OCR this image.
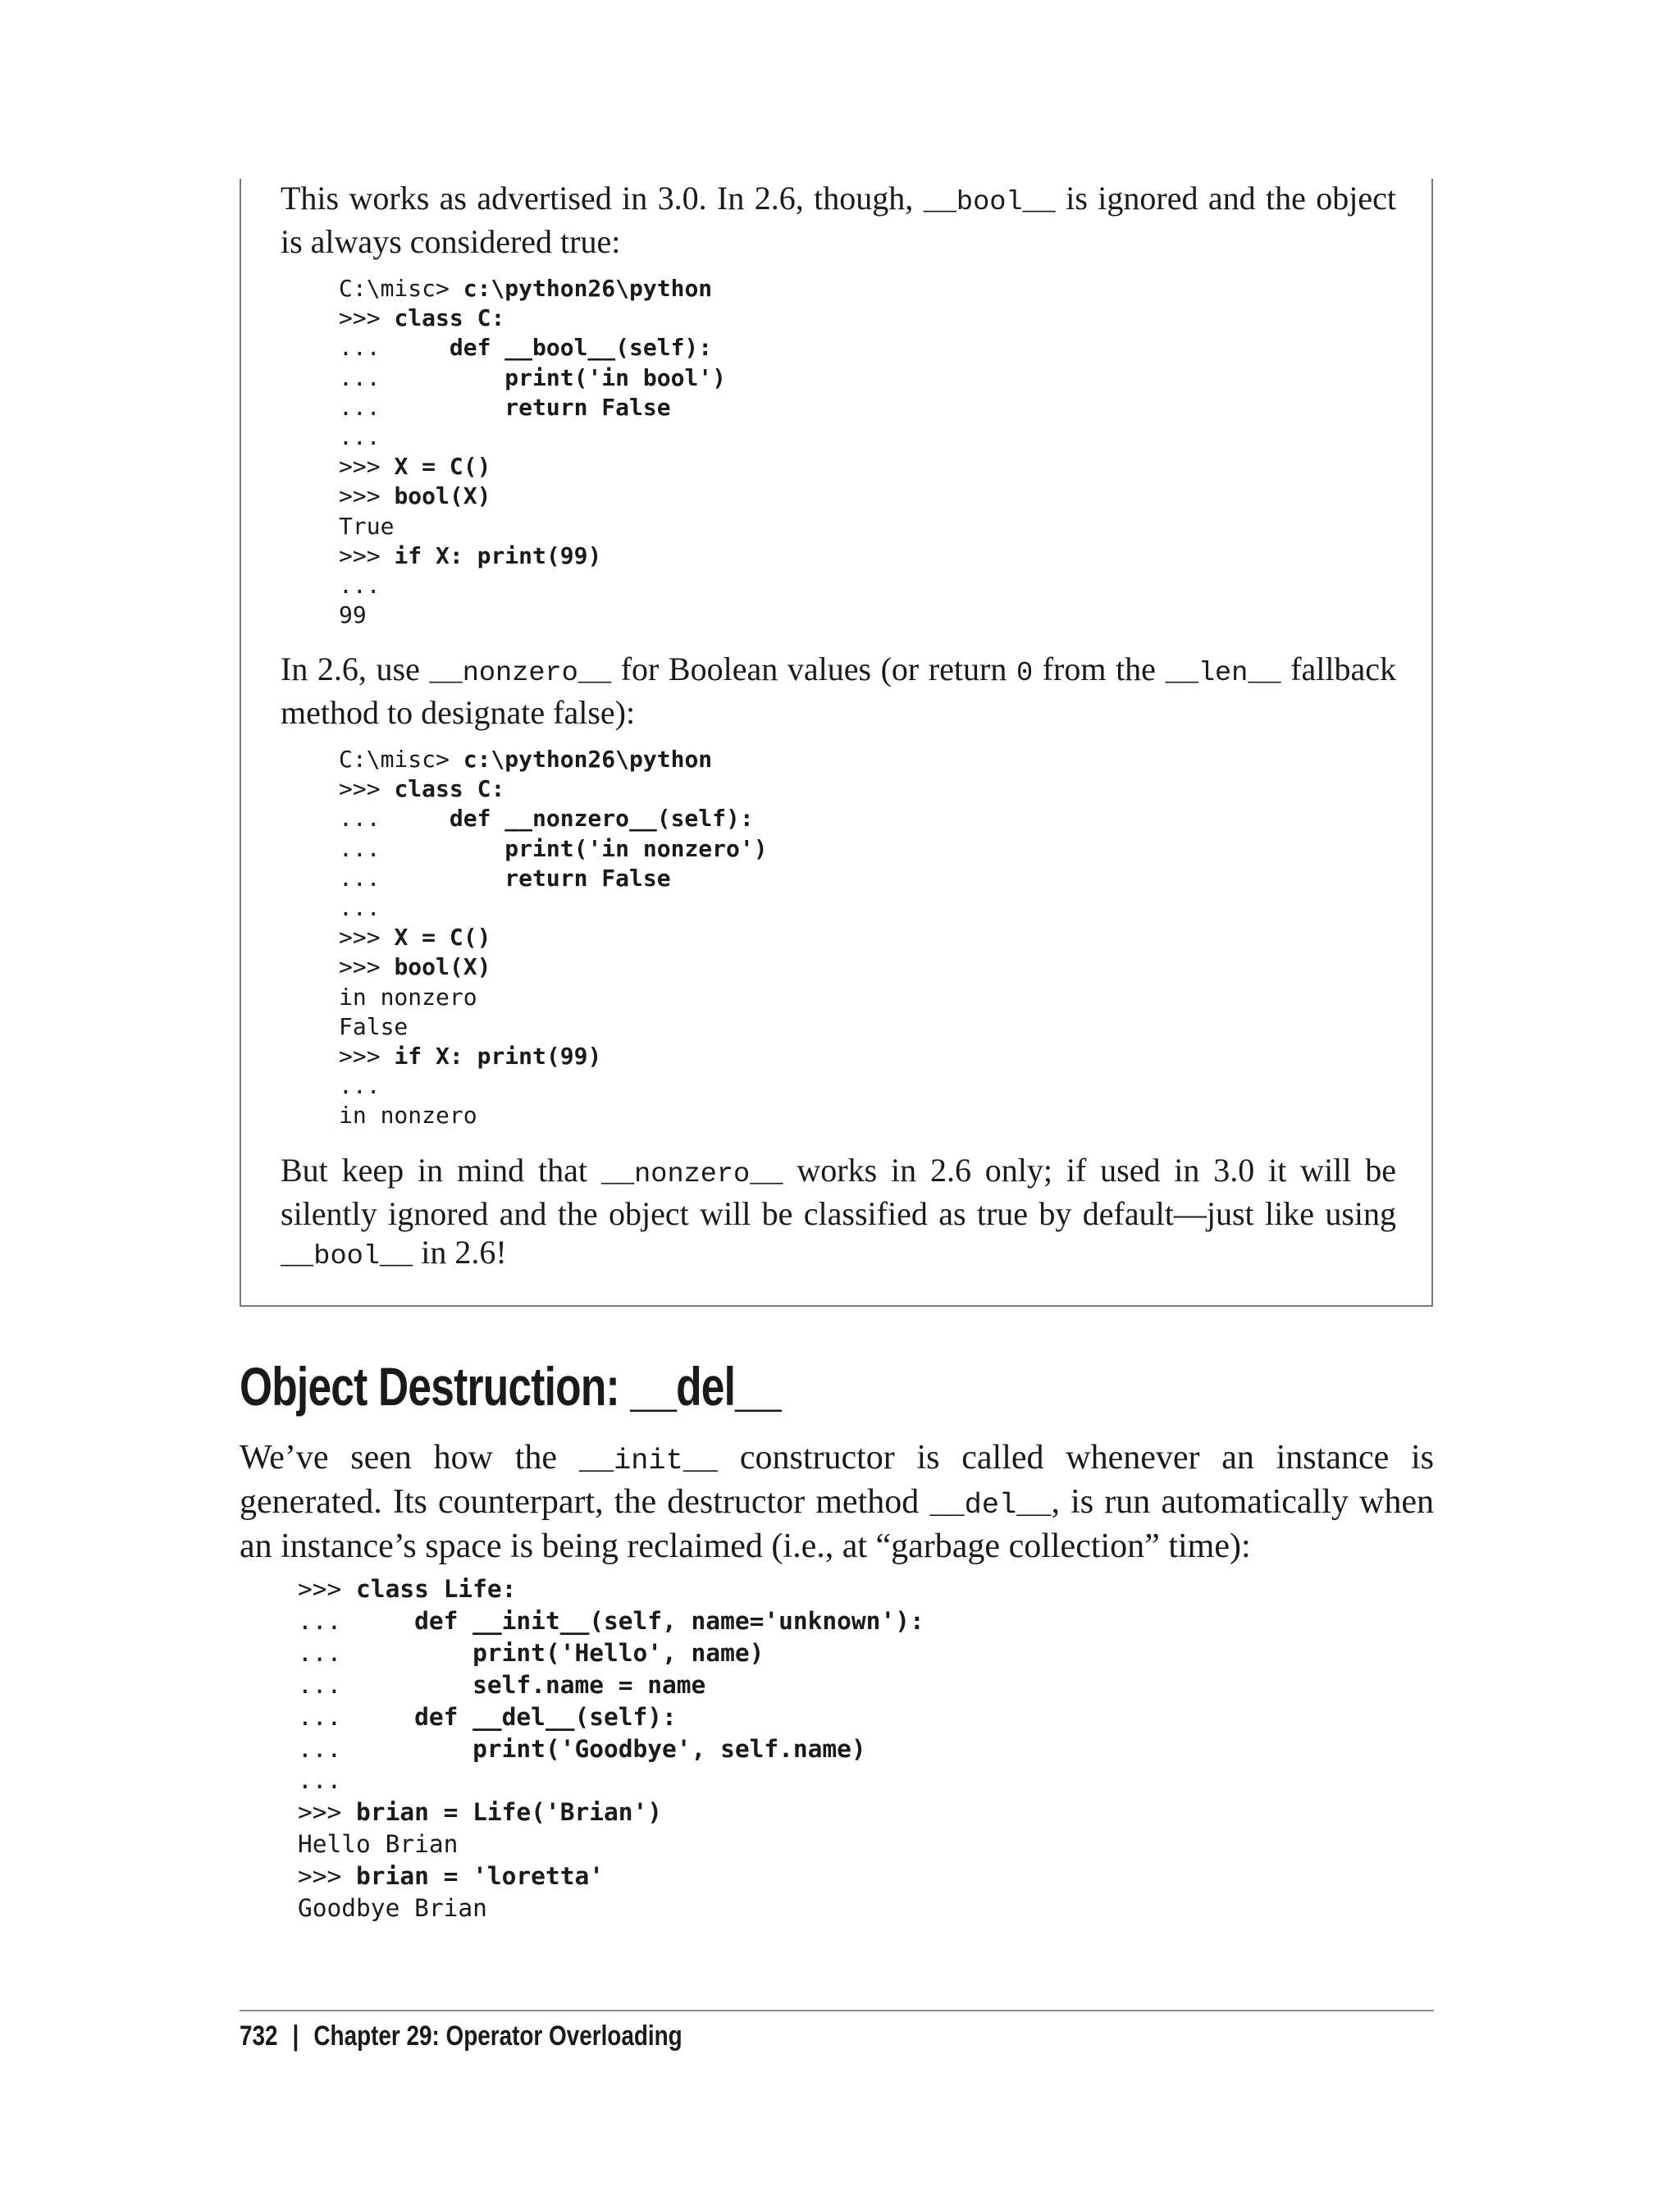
This works as advertised in 3.0. In 2.6, though, __bool__ is ignored and the object is always considered true:

C:\misc> c:\python26\python
>>> class C:
...     def __bool__(self):
...         print('in bool')
...         return False
...
>>> X = C()
>>> bool(X)
True
>>> if X: print(99)
...
99

In 2.6, use __nonzero__ for Boolean values (or return 0 from the __len__ fallback method to designate false):

C:\misc> c:\python26\python
>>> class C:
...     def __nonzero__(self):
...         print('in nonzero')
...         return False
...
>>> X = C()
>>> bool(X)
in nonzero
False
>>> if X: print(99)
...
in nonzero

But keep in mind that __nonzero__ works in 2.6 only; if used in 3.0 it will be silently ignored and the object will be classified as true by default—just like using __bool__ in 2.6!

Object Destruction: __del__

We’ve seen how the __init__ constructor is called whenever an instance is generated. Its counterpart, the destructor method __del__, is run automatically when an instance’s space is being reclaimed (i.e., at “garbage collection” time):

>>> class Life:
...     def __init__(self, name='unknown'):
...         print('Hello', name)
...         self.name = name
...     def __del__(self):
...         print('Goodbye', self.name)
...
>>> brian = Life('Brian')
Hello Brian
>>> brian = 'loretta'
Goodbye Brian
732 | Chapter 29: Operator Overloading
